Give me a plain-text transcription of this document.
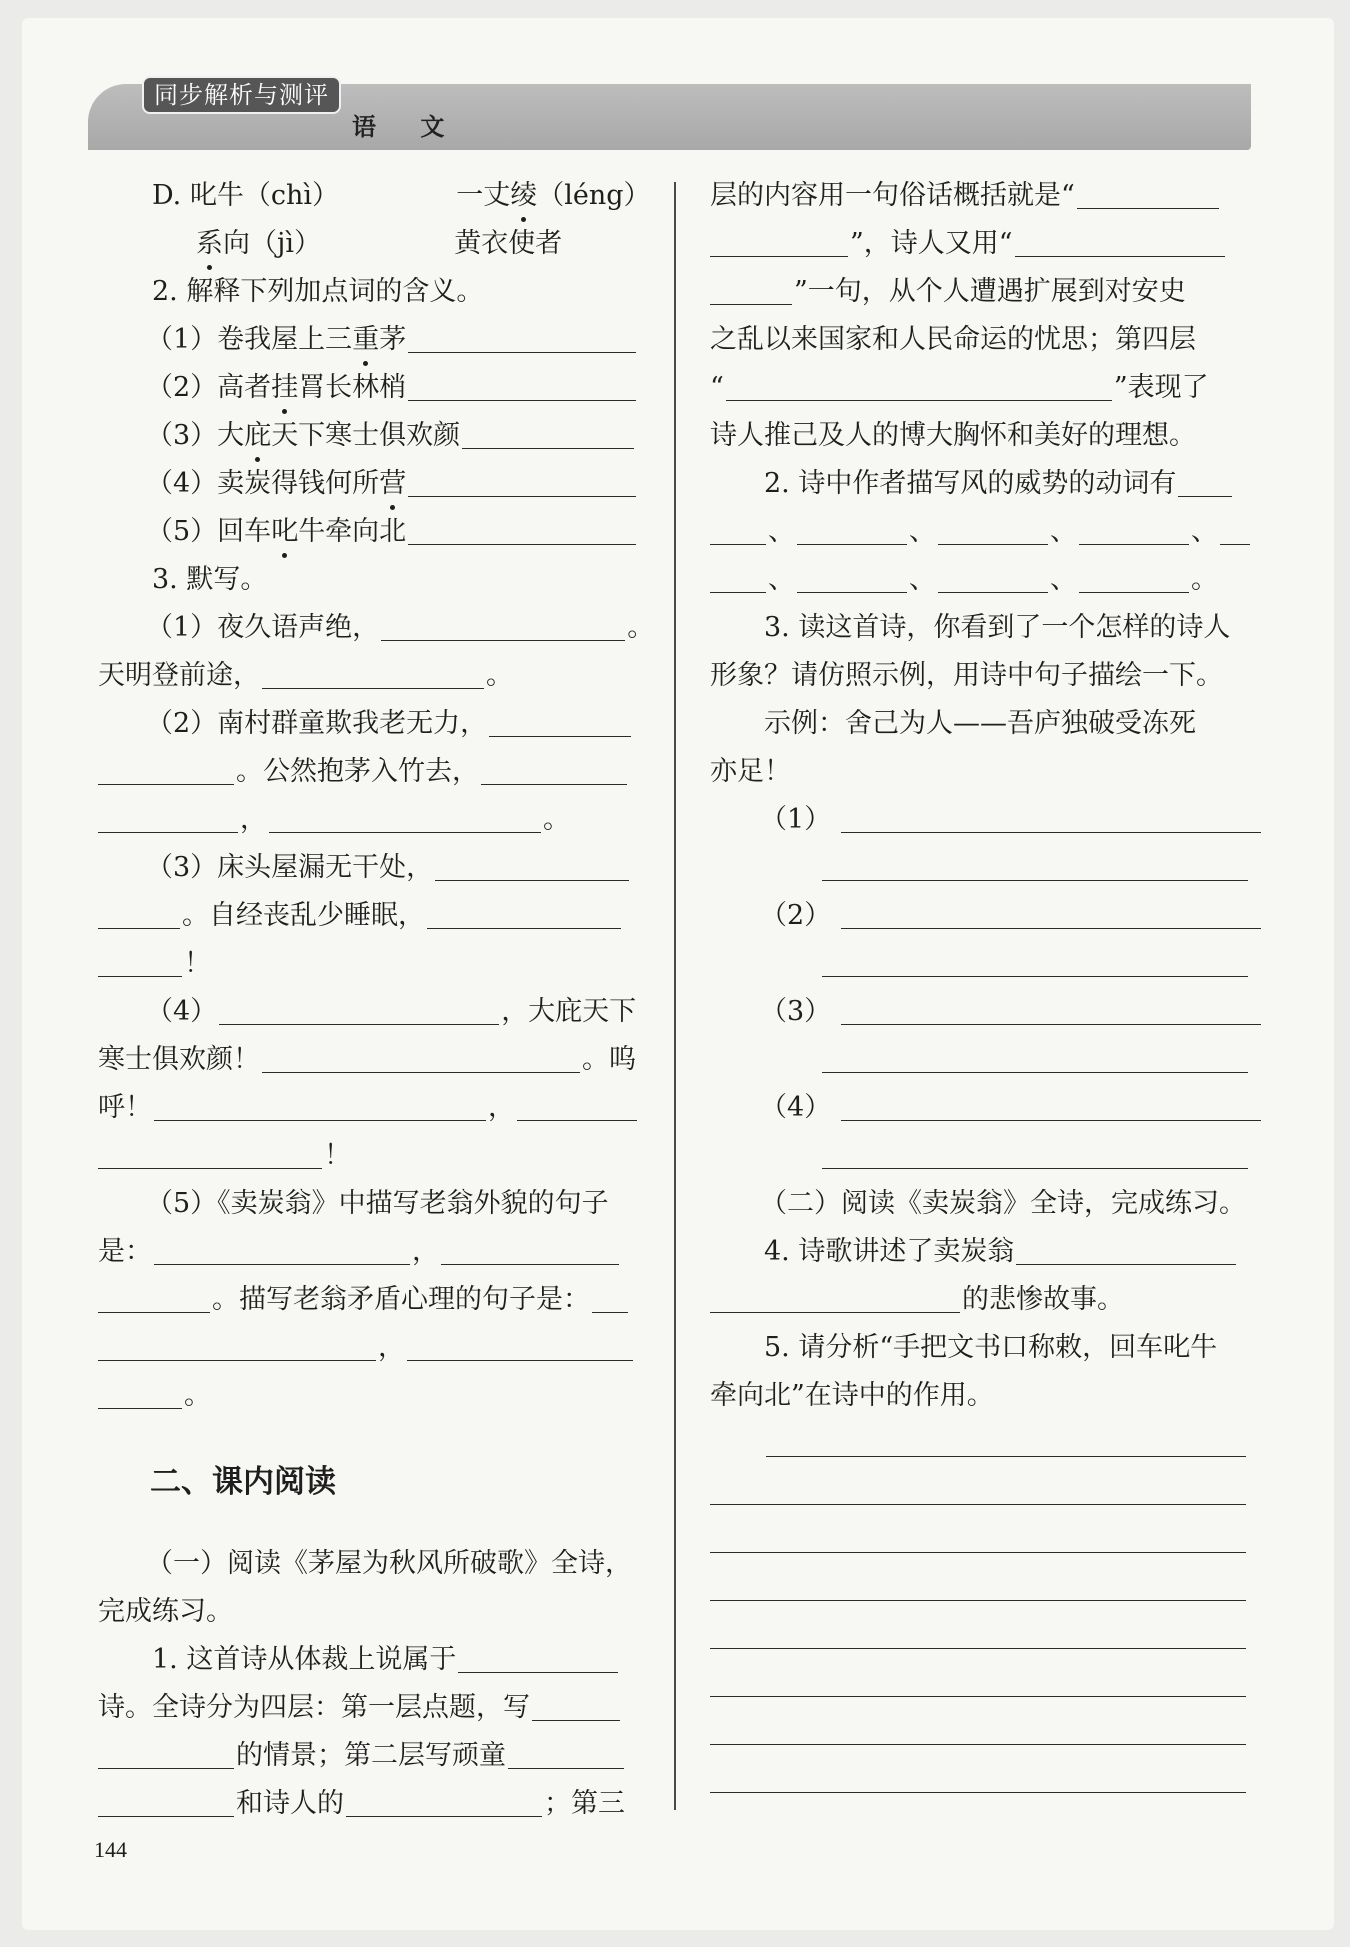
同步解析与测评
语 文
D. 叱牛（chì）	一丈绫（léng）
系向（jì）	黄衣使者
2. 解释下列加点词的含义。
（1）卷我屋上三重茅
（2）高者挂罥长林梢
（3）大庇天下寒士俱欢颜
（4）卖炭得钱何所营
（5）回车叱牛牵向北
3. 默写。
（1）夜久语声绝，	。
天明登前途，	。
（2）南村群童欺我老无力，
。公然抱茅入竹去，
，	。
（3）床头屋漏无干处，
。自经丧乱少睡眠，
！
（4）	，大庇天下
寒士俱欢颜！	。呜
呼！	，
！
（5）《卖炭翁》中描写老翁外貌的句子
是：	，
。描写老翁矛盾心理的句子是：
，
。
二、课内阅读
（一）阅读《茅屋为秋风所破歌》全诗，
完成练习。
1. 这首诗从体裁上说属于
诗。全诗分为四层：第一层点题，写
的情景；第二层写顽童
和诗人的	；第三
层的内容用一句俗话概括就是“
”，诗人又用“
”一句，从个人遭遇扩展到对安史
之乱以来国家和人民命运的忧思；第四层
“	”表现了
诗人推己及人的博大胸怀和美好的理想。
2. 诗中作者描写风的威势的动词有
、	、	、	、
、	、	、	。
3. 读这首诗，你看到了一个怎样的诗人
形象？请仿照示例，用诗中句子描绘一下。
示例：舍己为人——吾庐独破受冻死
亦足！
（1）
（2）
（3）
（4）
（二）阅读《卖炭翁》全诗，完成练习。
4. 诗歌讲述了卖炭翁
的悲惨故事。
5. 请分析“手把文书口称敕，回车叱牛
牵向北”在诗中的作用。
144
